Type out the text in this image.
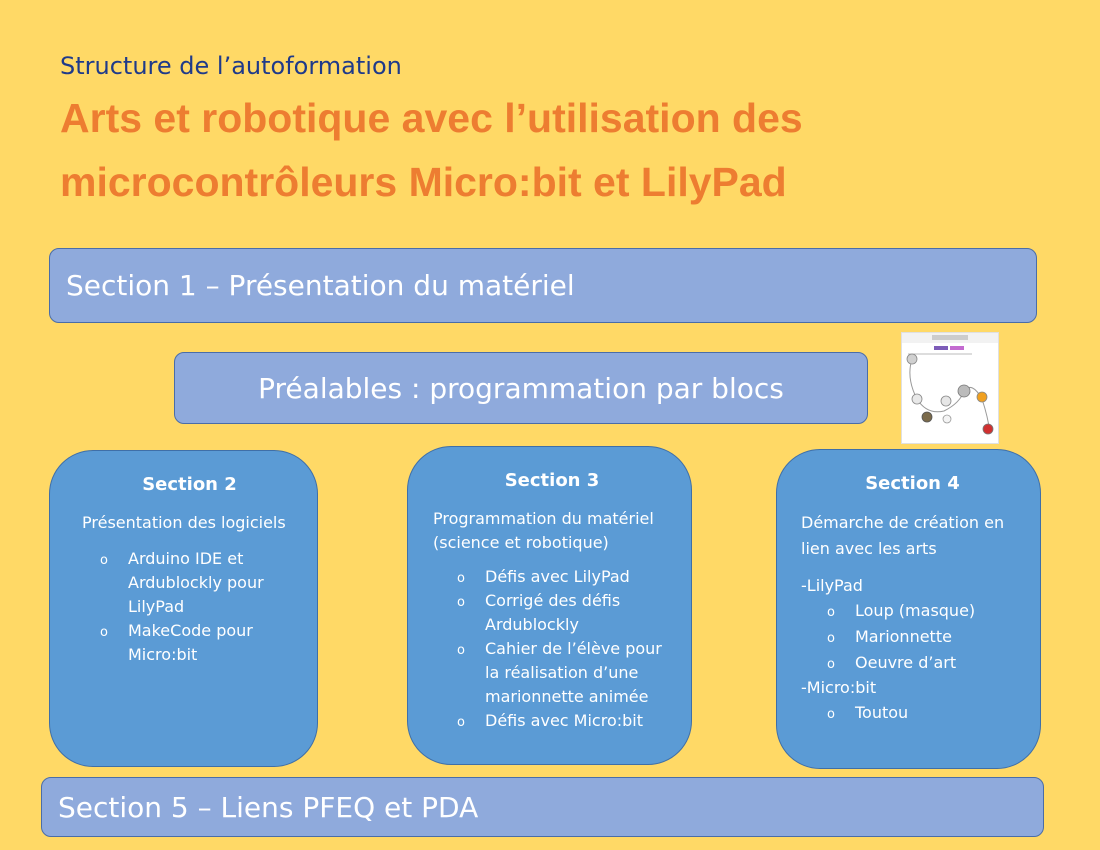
Structure de l’autoformation
Arts et robotique avec l’utilisation des
microcontrôleurs Micro:bit et LilyPad
Section 1 – Présentation du matériel
Préalables : programmation par blocs
Section 2

Présentation des logiciels

o Arduino IDE et Ardublockly pour LilyPad
o MakeCode pour Micro:bit
Section 3

Programmation du matériel (science et robotique)

o Défis avec LilyPad
o Corrigé des défis Ardublockly
o Cahier de l’élève pour la réalisation d’une marionnette animée
o Défis avec Micro:bit
Section 4

Démarche de création en lien avec les arts

-LilyPad
o Loup (masque)
o Marionnette
o Oeuvre d’art
-Micro:bit
o Toutou
Section 5 – Liens PFEQ et PDA
